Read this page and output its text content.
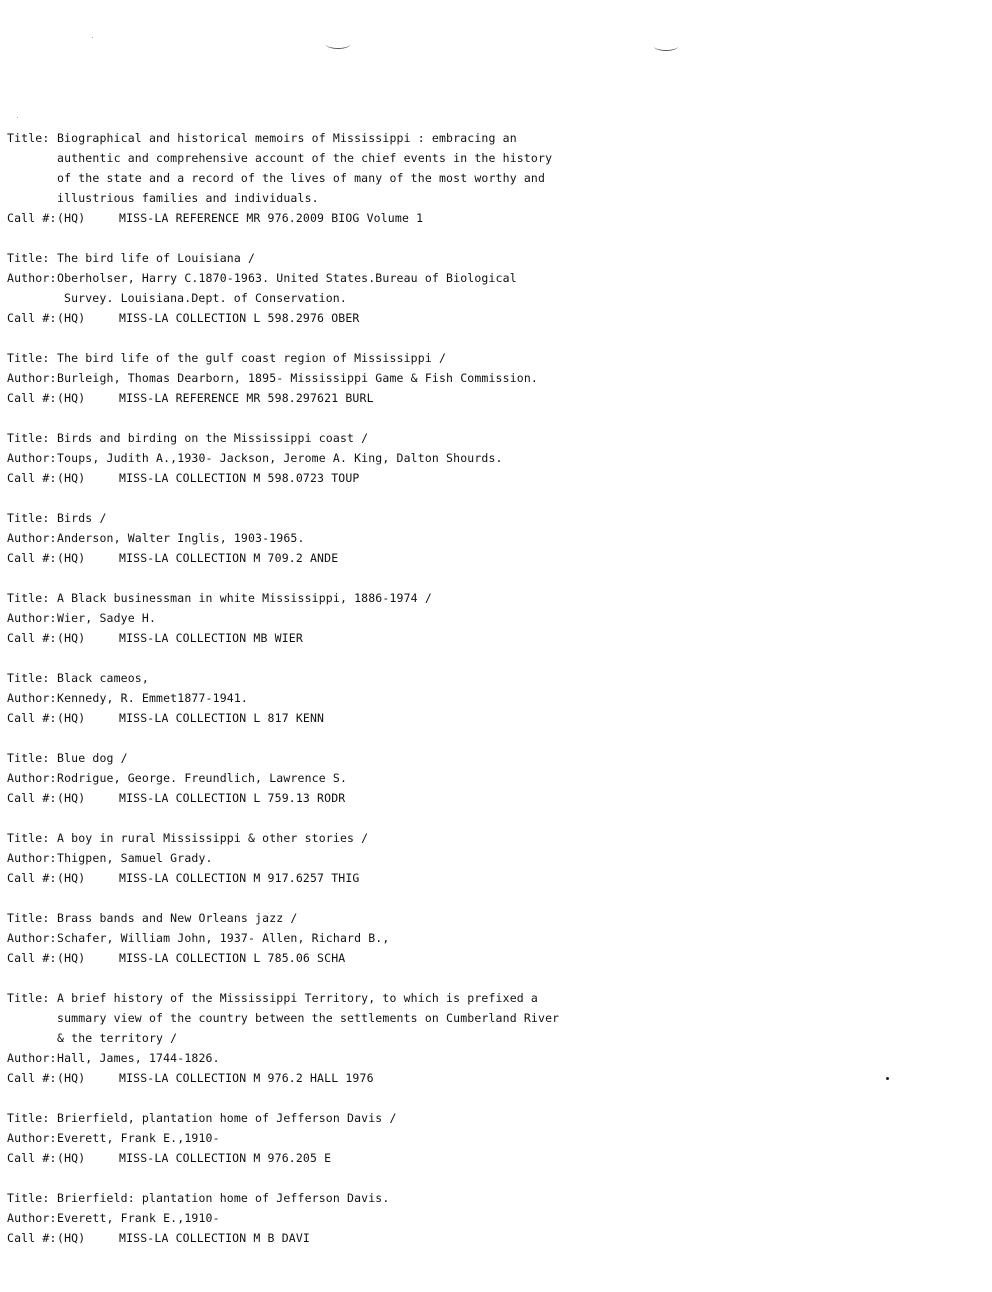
Title: Biographical and historical memoirs of Mississippi : embracing an
authentic and comprehensive account of the chief events in the history
of the state and a record of the lives of many of the most worthy and
illustrious families and individuals.
Call #: (HQ)	MISS-LA REFERENCE MR 976.2009 BIOG Volume 1
Title: The bird life of Louisiana /
Author: Oberholser, Harry C.1870-1963. United States.Bureau of Biological
Survey. Louisiana.Dept. of Conservation.
Call #: (HQ)	MISS-LA COLLECTION L 598.2976 OBER
Title: The bird life of the gulf coast region of Mississippi /
Author: Burleigh, Thomas Dearborn, 1895- Mississippi Game & Fish Commission.
Call #: (HQ)	MISS-LA REFERENCE MR 598.297621 BURL
Title: Birds and birding on the Mississippi coast /
Author: Toups, Judith A.,1930- Jackson, Jerome A. King, Dalton Shourds.
Call #: (HQ)	MISS-LA COLLECTION M 598.0723 TOUP
Title: Birds /
Author: Anderson, Walter Inglis, 1903-1965.
Call #: (HQ)	MISS-LA COLLECTION M 709.2 ANDE
Title: A Black businessman in white Mississippi, 1886-1974 /
Author: Wier, Sadye H.
Call #: (HQ)	MISS-LA COLLECTION MB WIER
Title: Black cameos,
Author: Kennedy, R. Emmet1877-1941.
Call #: (HQ)	MISS-LA COLLECTION L 817 KENN
Title: Blue dog /
Author: Rodrigue, George. Freundlich, Lawrence S.
Call #: (HQ)	MISS-LA COLLECTION L 759.13 RODR
Title: A boy in rural Mississippi & other stories /
Author: Thigpen, Samuel Grady.
Call #: (HQ)	MISS-LA COLLECTION M 917.6257 THIG
Title: Brass bands and New Orleans jazz /
Author: Schafer, William John, 1937- Allen, Richard B.,
Call #: (HQ)	MISS-LA COLLECTION L 785.06 SCHA
Title: A brief history of the Mississippi Territory, to which is prefixed a
summary view of the country between the settlements on Cumberland River
& the territory /
Author: Hall, James, 1744-1826.
Call #: (HQ)	MISS-LA COLLECTION M 976.2 HALL 1976
Title: Brierfield, plantation home of Jefferson Davis /
Author: Everett, Frank E.,1910-
Call #: (HQ)	MISS-LA COLLECTION M 976.205 E
Title: Brierfield: plantation home of Jefferson Davis.
Author: Everett, Frank E.,1910-
Call #: (HQ)	MISS-LA COLLECTION M B DAVI
